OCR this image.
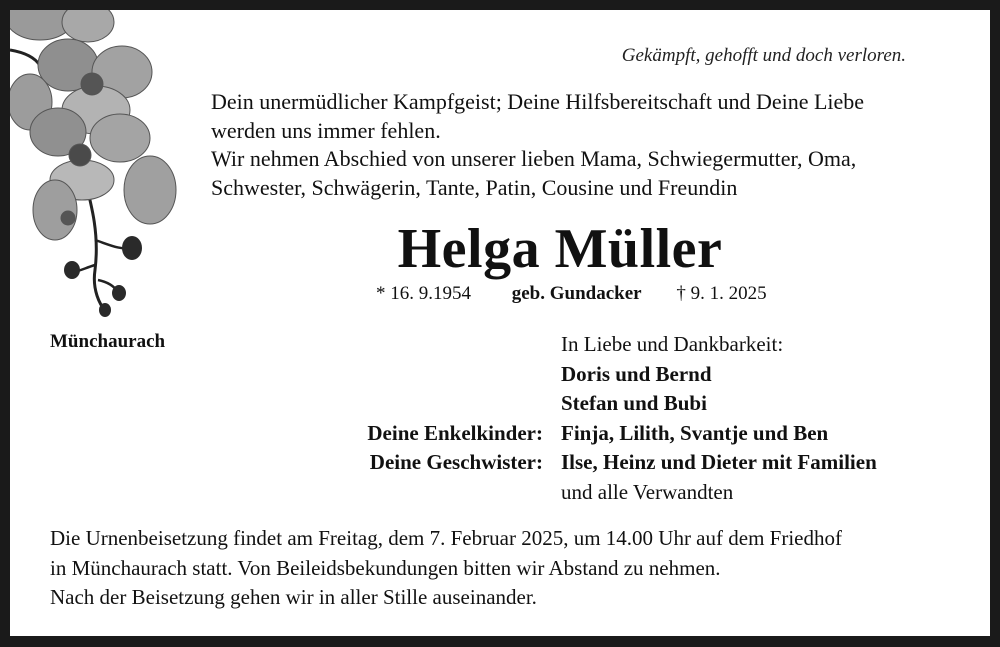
Gekämpft, gehofft und doch verloren.

Dein unermüdlicher Kampfgeist; Deine Hilfsbereitschaft und Deine Liebe

werden uns immer fehlen.

Wir nehmen Abschied von unserer lieben Mama, Schwiegermutter, Oma,

Schwester, Schwägerin, Tante, Patin, Cousine und Freundin

Helga Müller
* 16. 9.1954 geb. Gundacker † 9. 1. 2025
Münchaurach	In Liebe und Dankbarkeit:
Doris und Bernd
Stefan und Bubi
Deine Enkelkinder: Finja, Lilith, Svantje und Ben
Deine Geschwister: Ilse, Heinz und Dieter mit Familien
und alle Verwandten

Die Urnenbeisetzung findet am Freitag, dem 7. Februar 2025, um 14.00 Uhr auf dem Friedhof

in Münchaurach statt. Von Beileidsbekundungen bitten wir Abstand zu nehmen.

Nach der Beisetzung gehen wir in aller Stille auseinander.
